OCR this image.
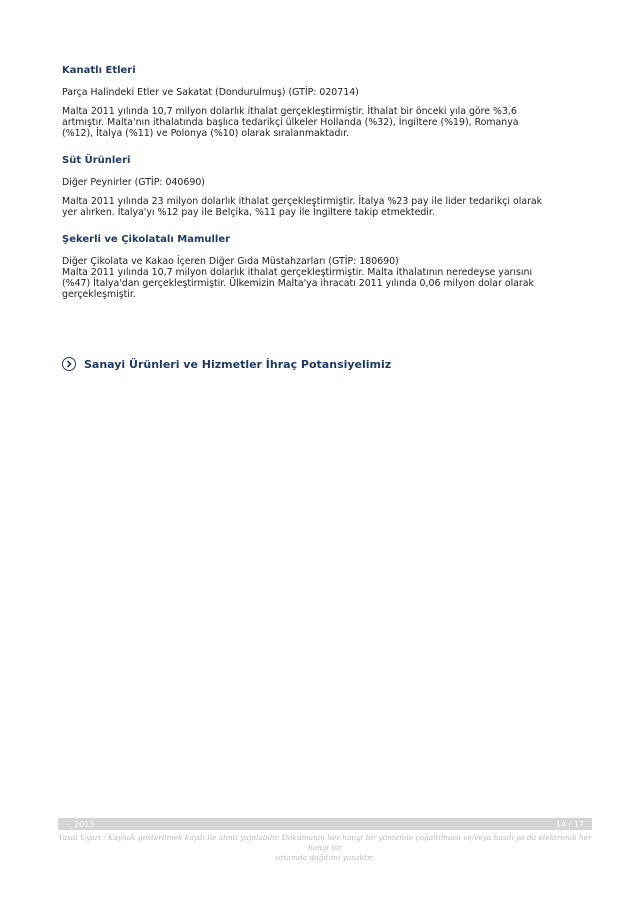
Kanatlı Etleri

Parça Halindeki Etler ve Sakatat (Dondurulmuş) (GTİP: 020714)

Malta 2011 yılında 10,7 milyon dolarlık ithalat gerçekleştirmiştir. İthalat bir önceki yıla göre %3,6

artmıştır. Malta'nın ithalatında başlıca tedarikçi ülkeler Hollanda (%32), İngiltere (%19), Romanya

(%12), İtalya (%11) ve Polonya (%10) olarak sıralanmaktadır.

Süt Ürünleri

Diğer Peynirler (GTİP: 040690)

Malta 2011 yılında 23 milyon dolarlık ithalat gerçekleştirmiştir. İtalya %23 pay ile lider tedarikçi olarak

yer alırken. İtalya'yı %12 pay ile Belçika, %11 pay ile İngiltere takip etmektedir.

Şekerli ve Çikolatalı Mamuller

Diğer Çikolata ve Kakao İçeren Diğer Gıda Müstahzarları (GTİP: 180690)

Malta 2011 yılında 10,7 milyon dolarlık ithalat gerçekleştirmiştir. Malta ithalatının neredeyse yarısını

(%47) İtalya'dan gerçekleştirmiştir. Ülkemizin Malta'ya ihracatı 2011 yılında 0,06 milyon dolar olarak

gerçekleşmiştir.

Sanayi Ürünleri ve Hizmetler İhraç Potansiyelimiz
-, 2013	14 / 17
Yasal Uyarı : Kaynak gösterilmek kaydı ile alıntı yapılabilir. Dokümanın her hangi bir yöntemle çoğaltılması ve/veya basılı ya da elektronik her hangi bir
ortamda dağıtımı yasaktır.
